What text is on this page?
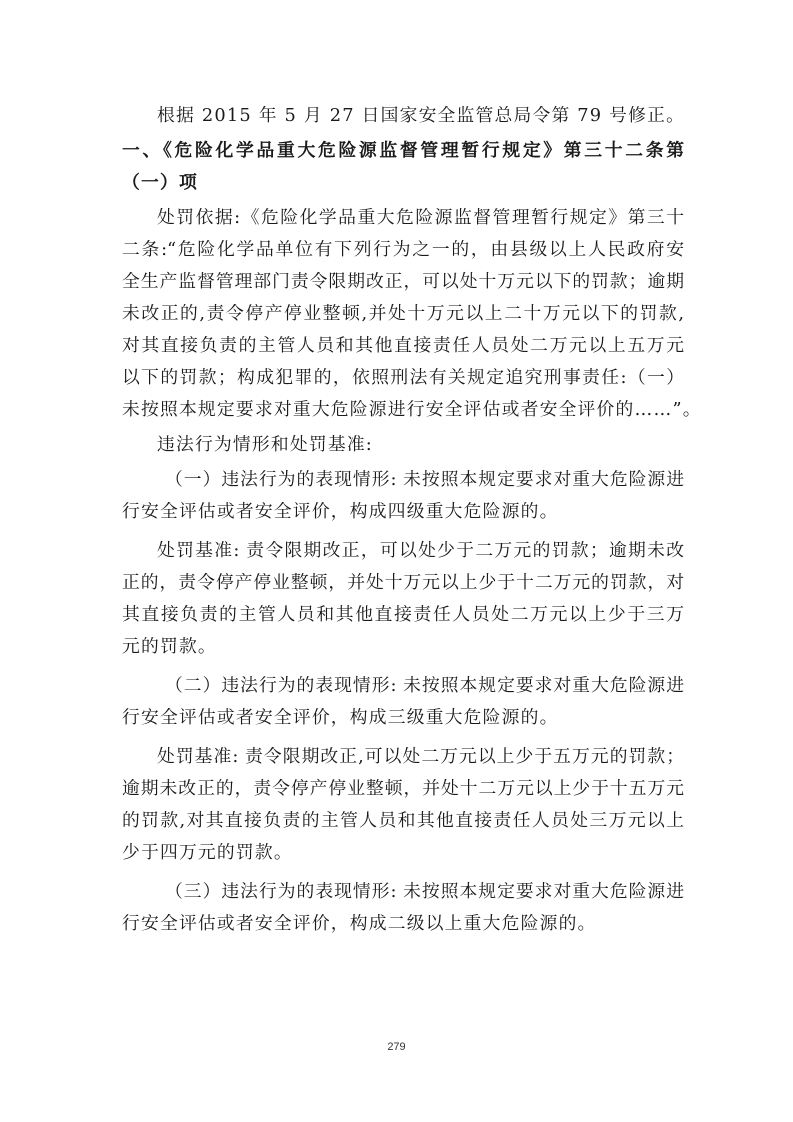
根据 2015 年 5 月 27 日国家安全监管总局令第 79 号修正。
一、《危险化学品重大危险源监督管理暂行规定》第三十二条第
（一）项
处罚依据:《危险化学品重大危险源监督管理暂行规定》第三十
二条:“危险化学品单位有下列行为之一的，由县级以上人民政府安
全生产监督管理部门责令限期改正，可以处十万元以下的罚款；逾期
未改正的,责令停产停业整顿,并处十万元以上二十万元以下的罚款,
对其直接负责的主管人员和其他直接责任人员处二万元以上五万元
以下的罚款；构成犯罪的，依照刑法有关规定追究刑事责任:（一）
未按照本规定要求对重大危险源进行安全评估或者安全评价的……”。
违法行为情形和处罚基准:
（一）违法行为的表现情形: 未按照本规定要求对重大危险源进
行安全评估或者安全评价，构成四级重大危险源的。
处罚基准: 责令限期改正，可以处少于二万元的罚款；逾期未改
正的，责令停产停业整顿，并处十万元以上少于十二万元的罚款，对
其直接负责的主管人员和其他直接责任人员处二万元以上少于三万
元的罚款。
（二）违法行为的表现情形: 未按照本规定要求对重大危险源进
行安全评估或者安全评价，构成三级重大危险源的。
处罚基准: 责令限期改正,可以处二万元以上少于五万元的罚款；
逾期未改正的，责令停产停业整顿，并处十二万元以上少于十五万元
的罚款,对其直接负责的主管人员和其他直接责任人员处三万元以上
少于四万元的罚款。
（三）违法行为的表现情形: 未按照本规定要求对重大危险源进
行安全评估或者安全评价，构成二级以上重大危险源的。
279
